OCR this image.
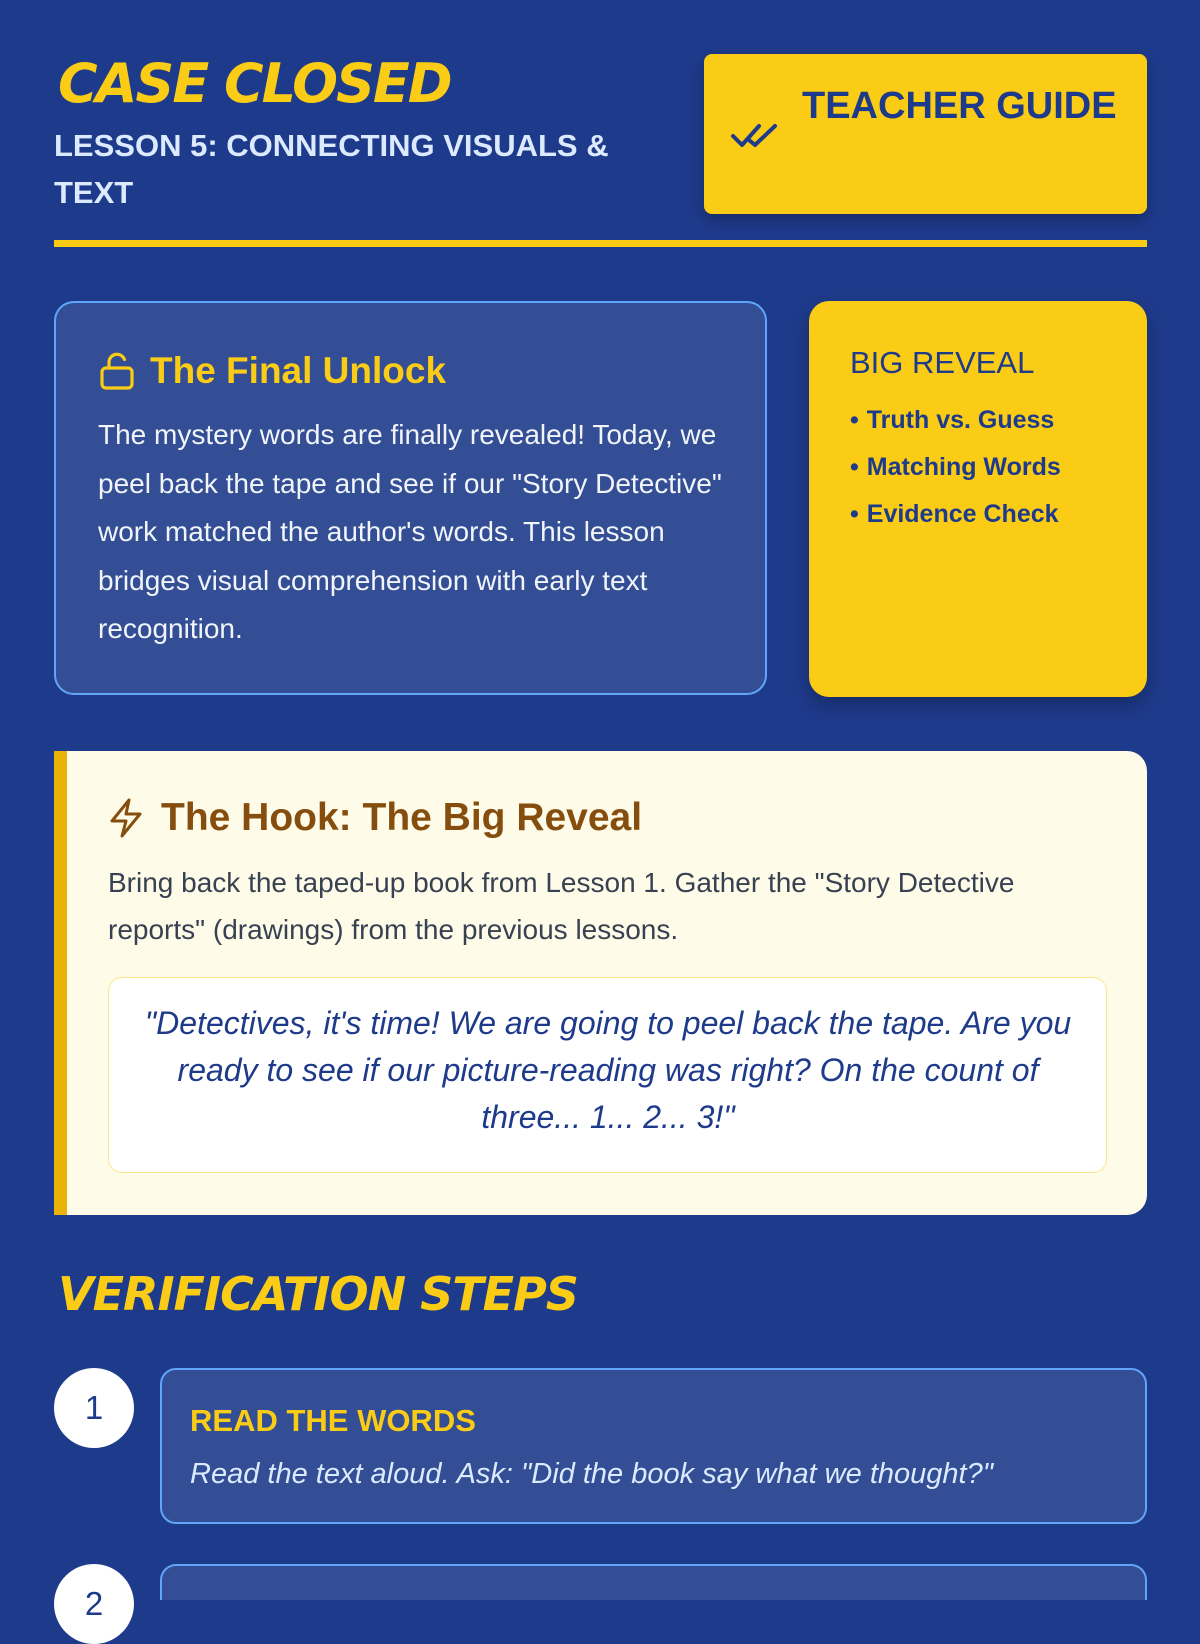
CASE CLOSED
LESSON 5: CONNECTING VISUALS & TEXT
TEACHER GUIDE
The Final Unlock

The mystery words are finally revealed! Today, we peel back the tape and see if our "Story Detective" work matched the author's words. This lesson bridges visual comprehension with early text recognition.

BIG REVEAL
• Truth vs. Guess
• Matching Words
• Evidence Check
The Hook: The Big Reveal

Bring back the taped-up book from Lesson 1. Gather the "Story Detective reports" (drawings) from the previous lessons.

"Detectives, it's time! We are going to peel back the tape. Are you ready to see if our picture-reading was right? On the count of three... 1... 2... 3!"

VERIFICATION STEPS
1	READ THE WORDS
Read the text aloud. Ask: "Did the book say what we thought?"
2
